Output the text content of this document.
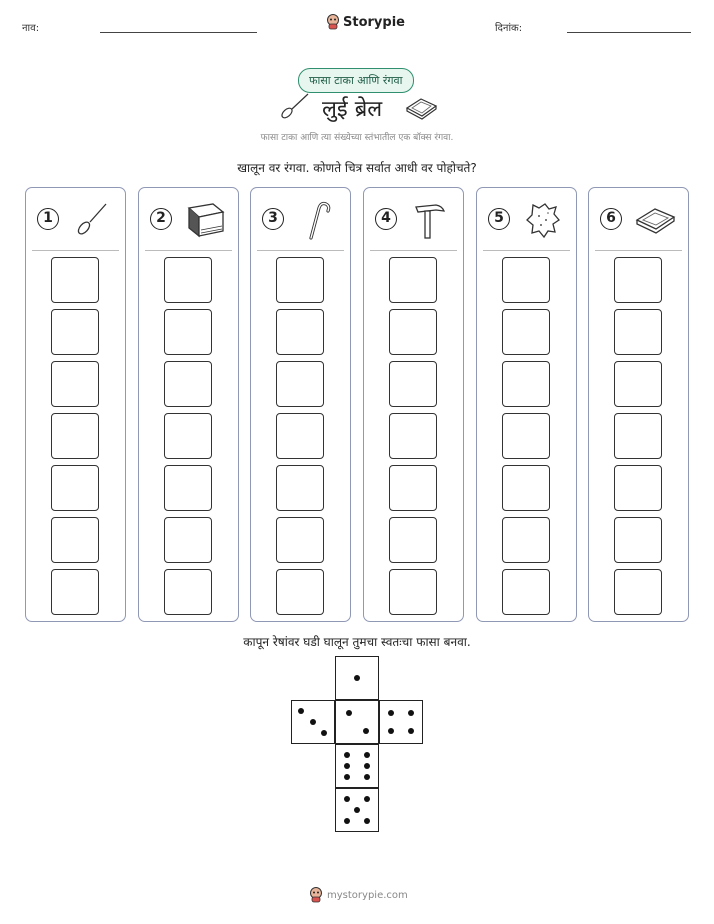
नाव:	Storypie	दिनांक:
फासा टाका आणि रंगवा
लुई ब्रेल
फासा टाका आणि त्या संख्येच्या स्तंभातील एक बॉक्स रंगवा.
खालून वर रंगवा. कोणते चित्र सर्वात आधी वर पोहोचते?
1	2	3	4	5	6
कापून रेषांवर घडी घालून तुमचा स्वतःचा फासा बनवा.
mystorypie.com
